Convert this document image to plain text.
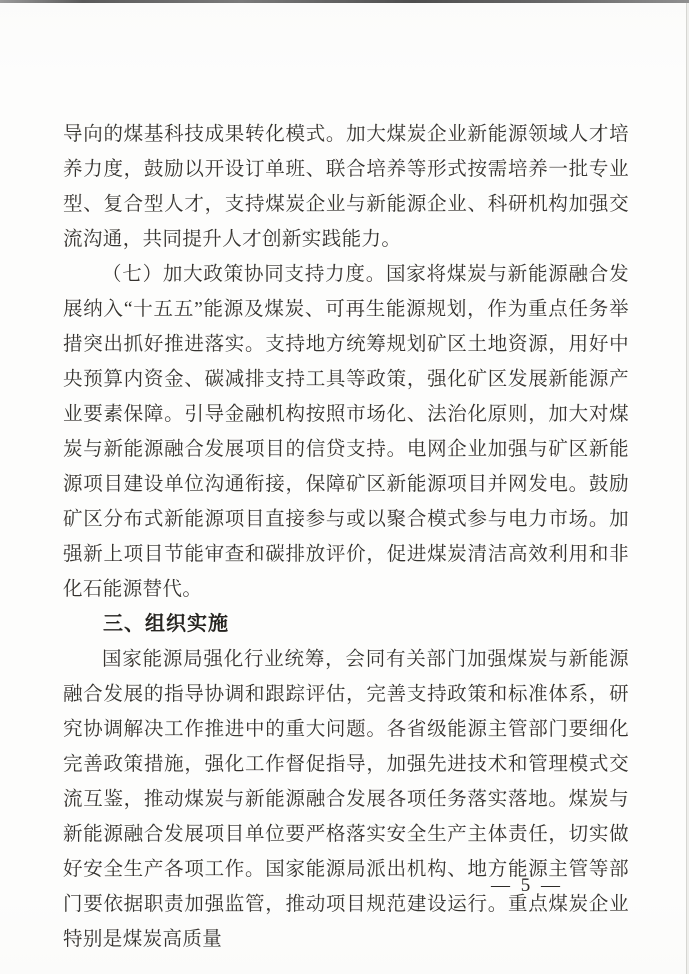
导向的煤基科技成果转化模式。加大煤炭企业新能源领域人才培养力度，鼓励以开设订单班、联合培养等形式按需培养一批专业型、复合型人才，支持煤炭企业与新能源企业、科研机构加强交流沟通，共同提升人才创新实践能力。

（七）加大政策协同支持力度。国家将煤炭与新能源融合发展纳入“十五五”能源及煤炭、可再生能源规划，作为重点任务举措突出抓好推进落实。支持地方统筹规划矿区土地资源，用好中央预算内资金、碳减排支持工具等政策，强化矿区发展新能源产业要素保障。引导金融机构按照市场化、法治化原则，加大对煤炭与新能源融合发展项目的信贷支持。电网企业加强与矿区新能源项目建设单位沟通衔接，保障矿区新能源项目并网发电。鼓励矿区分布式新能源项目直接参与或以聚合模式参与电力市场。加强新上项目节能审查和碳排放评价，促进煤炭清洁高效利用和非化石能源替代。

三、组织实施

国家能源局强化行业统筹，会同有关部门加强煤炭与新能源融合发展的指导协调和跟踪评估，完善支持政策和标准体系，研究协调解决工作推进中的重大问题。各省级能源主管部门要细化完善政策措施，强化工作督促指导，加强先进技术和管理模式交流互鉴，推动煤炭与新能源融合发展各项任务落实落地。煤炭与新能源融合发展项目单位要严格落实安全生产主体责任，切实做好安全生产各项工作。国家能源局派出机构、地方能源主管等部门要依据职责加强监管，推动项目规范建设运行。重点煤炭企业特别是煤炭高质量

— 5 —
